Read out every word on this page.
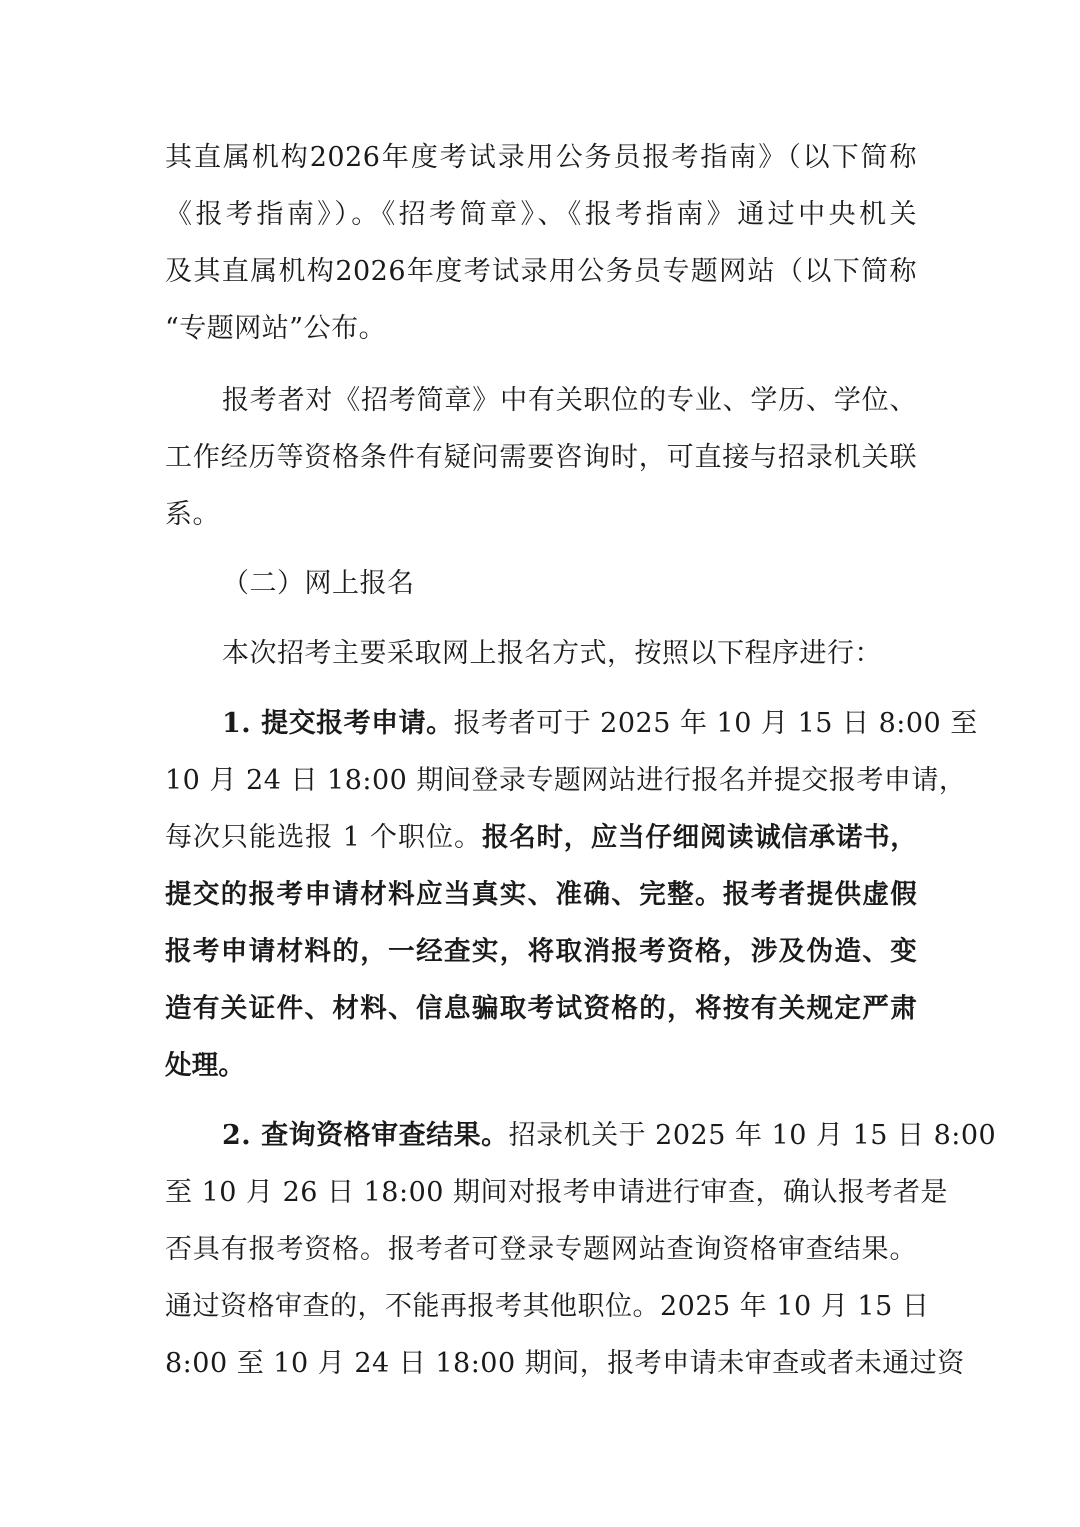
其直属机构2026年度考试录用公务员报考指南》（以下简称
《报考指南》）。《招考简章》、《报考指南》通过中央机关
及其直属机构2026年度考试录用公务员专题网站（以下简称
“专题网站”公布。
报考者对《招考简章》中有关职位的专业、学历、学位、
工作经历等资格条件有疑问需要咨询时，可直接与招录机关联
系。
（二）网上报名
本次招考主要采取网上报名方式，按照以下程序进行：
1. 提交报考申请。报考者可于 2025 年 10 月 15 日 8:00 至
10 月 24 日 18:00 期间登录专题网站进行报名并提交报考申请，
每次只能选报 1 个职位。报名时，应当仔细阅读诚信承诺书，
提交的报考申请材料应当真实、准确、完整。报考者提供虚假
报考申请材料的，一经查实，将取消报考资格，涉及伪造、变
造有关证件、材料、信息骗取考试资格的，将按有关规定严肃
处理。
2. 查询资格审查结果。招录机关于 2025 年 10 月 15 日 8:00
至 10 月 26 日 18:00 期间对报考申请进行审查，确认报考者是
否具有报考资格。报考者可登录专题网站查询资格审查结果。
通过资格审查的，不能再报考其他职位。2025 年 10 月 15 日
8:00 至 10 月 24 日 18:00 期间，报考申请未审查或者未通过资
